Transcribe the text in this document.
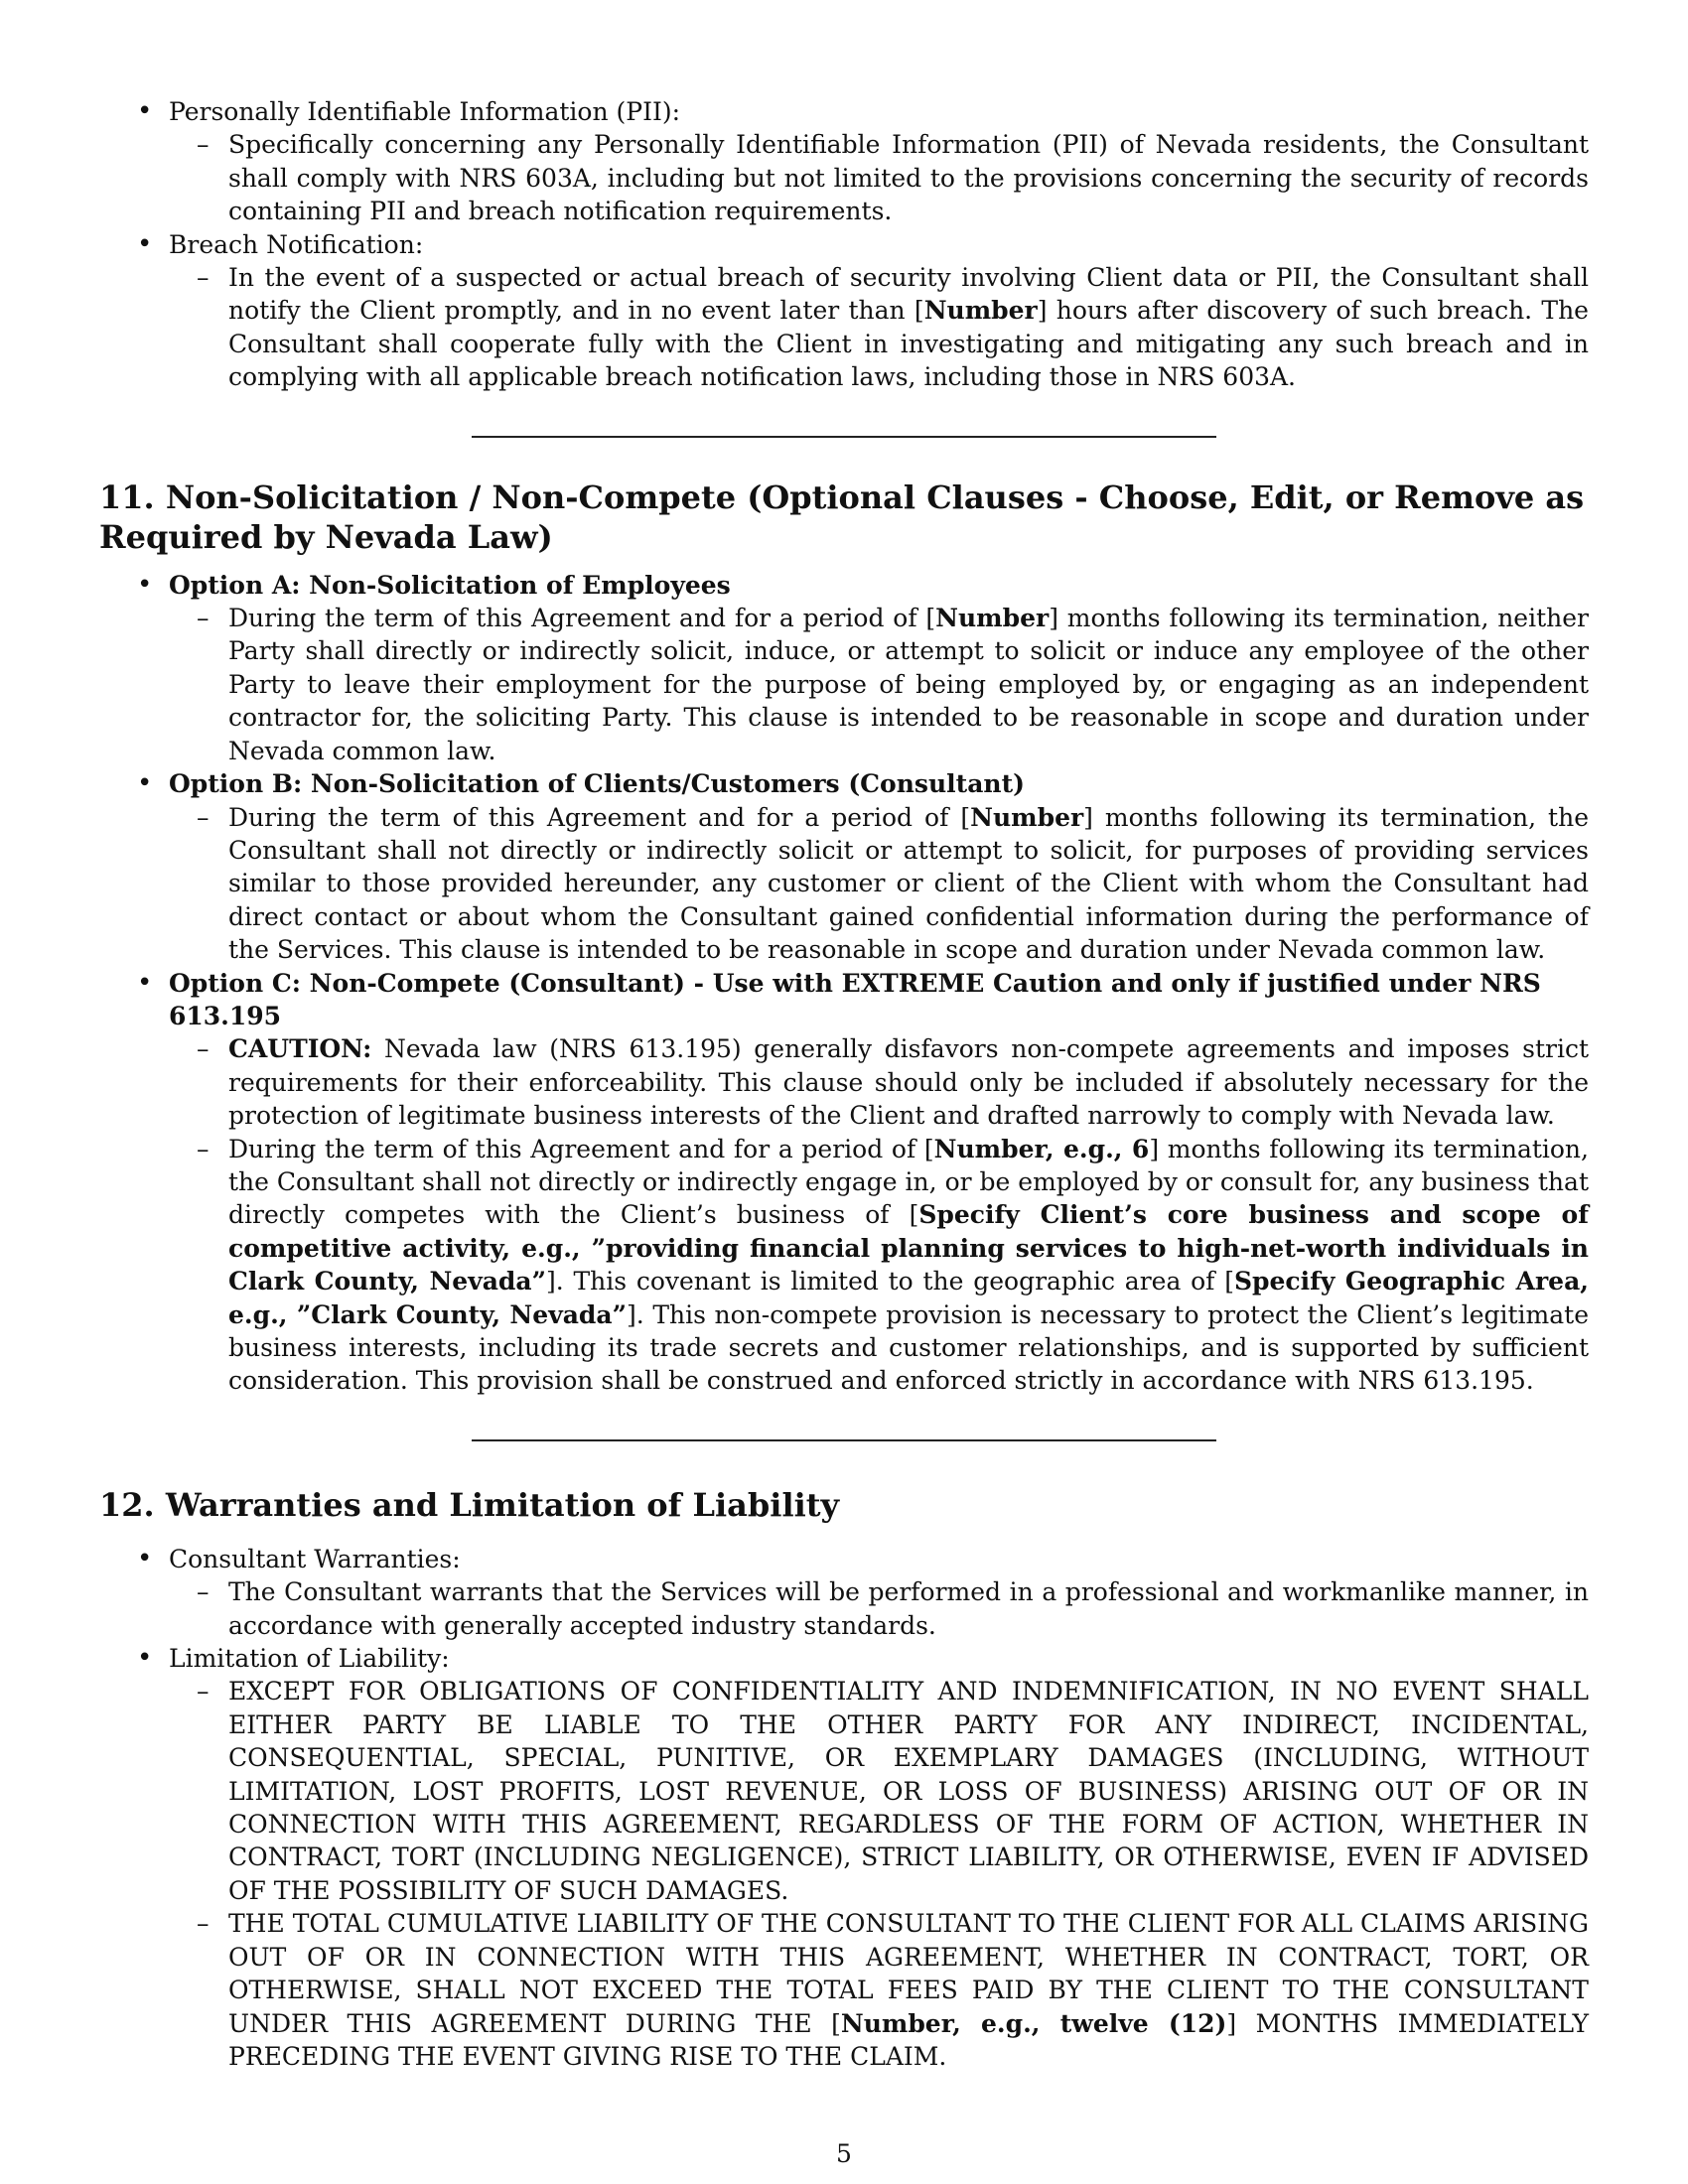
• Personally Identifiable Information (PII):
– Specifically concerning any Personally Identifiable Information (PII) of Nevada residents, the Consultant shall comply with NRS 603A, including but not limited to the provisions concerning the security of records containing PII and breach notification requirements.
• Breach Notification:
– In the event of a suspected or actual breach of security involving Client data or PII, the Consultant shall notify the Client promptly, and in no event later than [Number] hours after discovery of such breach. The Consultant shall cooperate fully with the Client in investigating and mitigating any such breach and in complying with all applicable breach notification laws, including those in NRS 603A.
11. Non-Solicitation / Non-Compete (Optional Clauses - Choose, Edit, or Remove as Required by Nevada Law)
• Option A: Non-Solicitation of Employees
– During the term of this Agreement and for a period of [Number] months following its termination, neither Party shall directly or indirectly solicit, induce, or attempt to solicit or induce any employee of the other Party to leave their employment for the purpose of being employed by, or engaging as an independent contractor for, the soliciting Party. This clause is intended to be reasonable in scope and duration under Nevada common law.
• Option B: Non-Solicitation of Clients/Customers (Consultant)
– During the term of this Agreement and for a period of [Number] months following its termination, the Consultant shall not directly or indirectly solicit or attempt to solicit, for purposes of providing services similar to those provided hereunder, any customer or client of the Client with whom the Consultant had direct contact or about whom the Consultant gained confidential information during the performance of the Services. This clause is intended to be reasonable in scope and duration under Nevada common law.
• Option C: Non-Compete (Consultant) - Use with EXTREME Caution and only if justified under NRS 613.195
– CAUTION: Nevada law (NRS 613.195) generally disfavors non-compete agreements and imposes strict requirements for their enforceability. This clause should only be included if absolutely necessary for the protection of legitimate business interests of the Client and drafted narrowly to comply with Nevada law.
– During the term of this Agreement and for a period of [Number, e.g., 6] months following its termination, the Consultant shall not directly or indirectly engage in, or be employed by or consult for, any business that directly competes with the Client’s business of [Specify Client’s core business and scope of competitive activity, e.g., ”providing financial planning services to high-net-worth individuals in Clark County, Nevada”]. This covenant is limited to the geographic area of [Specify Geographic Area, e.g., ”Clark County, Nevada”]. This non-compete provision is necessary to protect the Client’s legitimate business interests, including its trade secrets and customer relationships, and is supported by sufficient consideration. This provision shall be construed and enforced strictly in accordance with NRS 613.195.
12. Warranties and Limitation of Liability
• Consultant Warranties:
– The Consultant warrants that the Services will be performed in a professional and workmanlike manner, in accordance with generally accepted industry standards.
• Limitation of Liability:
– EXCEPT FOR OBLIGATIONS OF CONFIDENTIALITY AND INDEMNIFICATION, IN NO EVENT SHALL EITHER PARTY BE LIABLE TO THE OTHER PARTY FOR ANY INDIRECT, INCIDENTAL, CONSEQUENTIAL, SPECIAL, PUNITIVE, OR EXEMPLARY DAMAGES (INCLUDING, WITHOUT LIMITATION, LOST PROFITS, LOST REVENUE, OR LOSS OF BUSINESS) ARISING OUT OF OR IN CONNECTION WITH THIS AGREEMENT, REGARDLESS OF THE FORM OF ACTION, WHETHER IN CONTRACT, TORT (INCLUDING NEGLIGENCE), STRICT LIABILITY, OR OTHERWISE, EVEN IF ADVISED OF THE POSSIBILITY OF SUCH DAMAGES.
– THE TOTAL CUMULATIVE LIABILITY OF THE CONSULTANT TO THE CLIENT FOR ALL CLAIMS ARISING OUT OF OR IN CONNECTION WITH THIS AGREEMENT, WHETHER IN CONTRACT, TORT, OR OTHERWISE, SHALL NOT EXCEED THE TOTAL FEES PAID BY THE CLIENT TO THE CONSULTANT UNDER THIS AGREEMENT DURING THE [Number, e.g., twelve (12)] MONTHS IMMEDIATELY PRECEDING THE EVENT GIVING RISE TO THE CLAIM.
5
